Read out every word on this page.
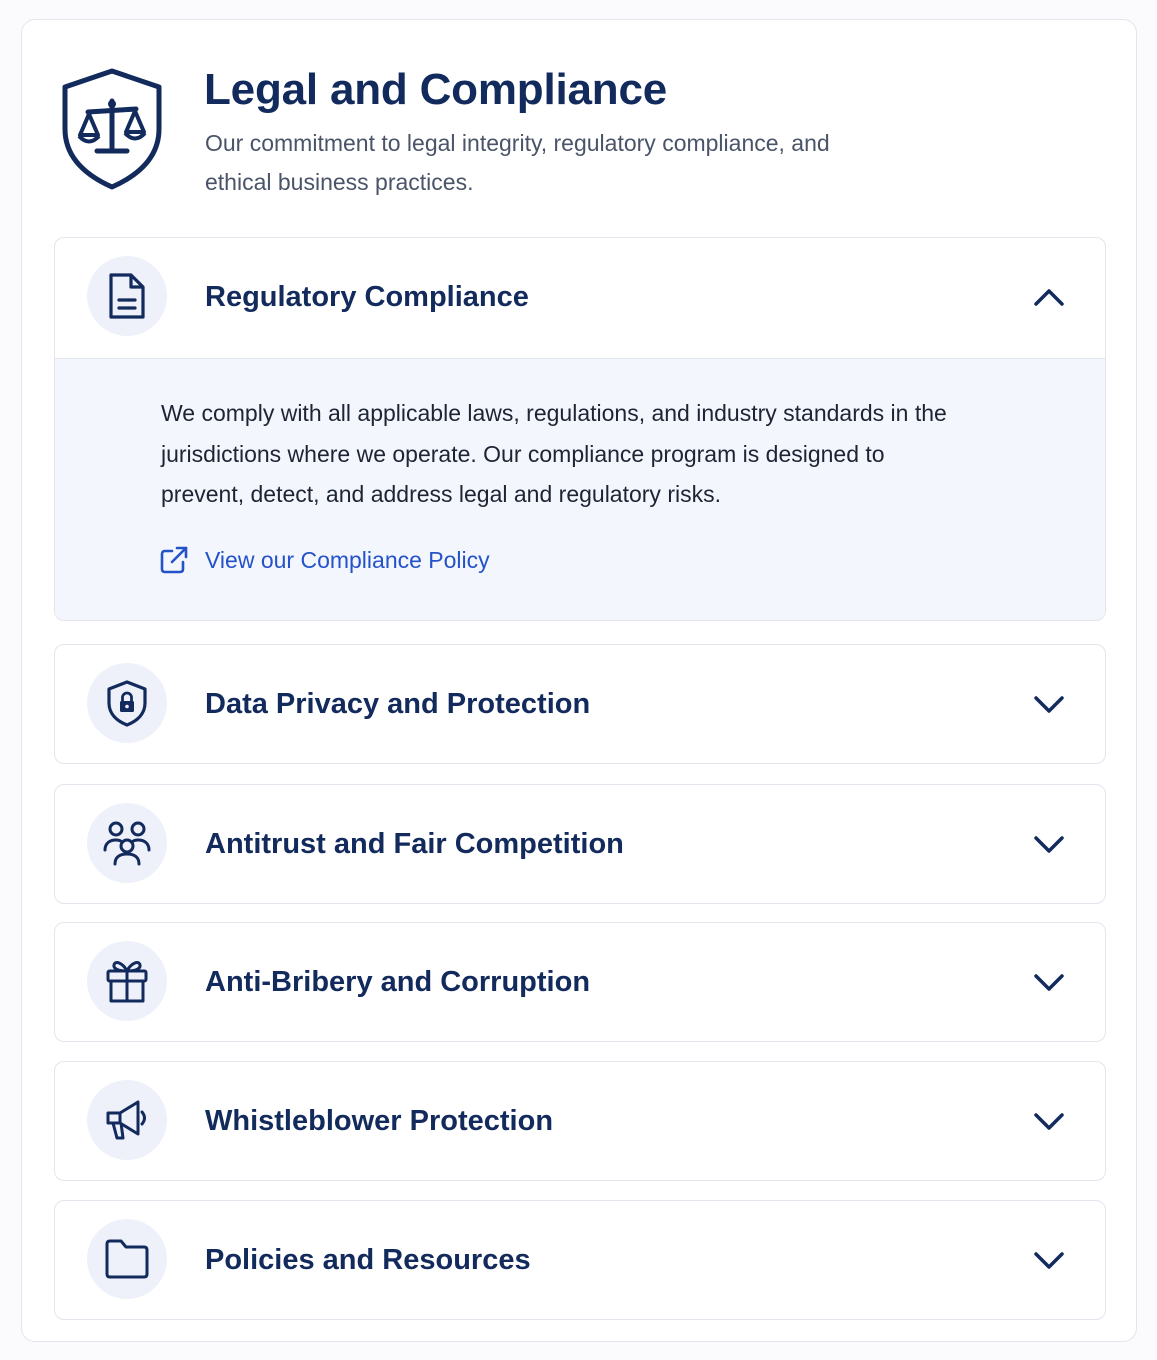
Legal and Compliance

Our commitment to legal integrity, regulatory compliance, and ethical business practices.

Regulatory Compliance

We comply with all applicable laws, regulations, and industry standards in the jurisdictions where we operate. Our compliance program is designed to prevent, detect, and address legal and regulatory risks.

View our Compliance Policy
Data Privacy and Protection
Antitrust and Fair Competition
Anti-Bribery and Corruption
Whistleblower Protection
Policies and Resources
